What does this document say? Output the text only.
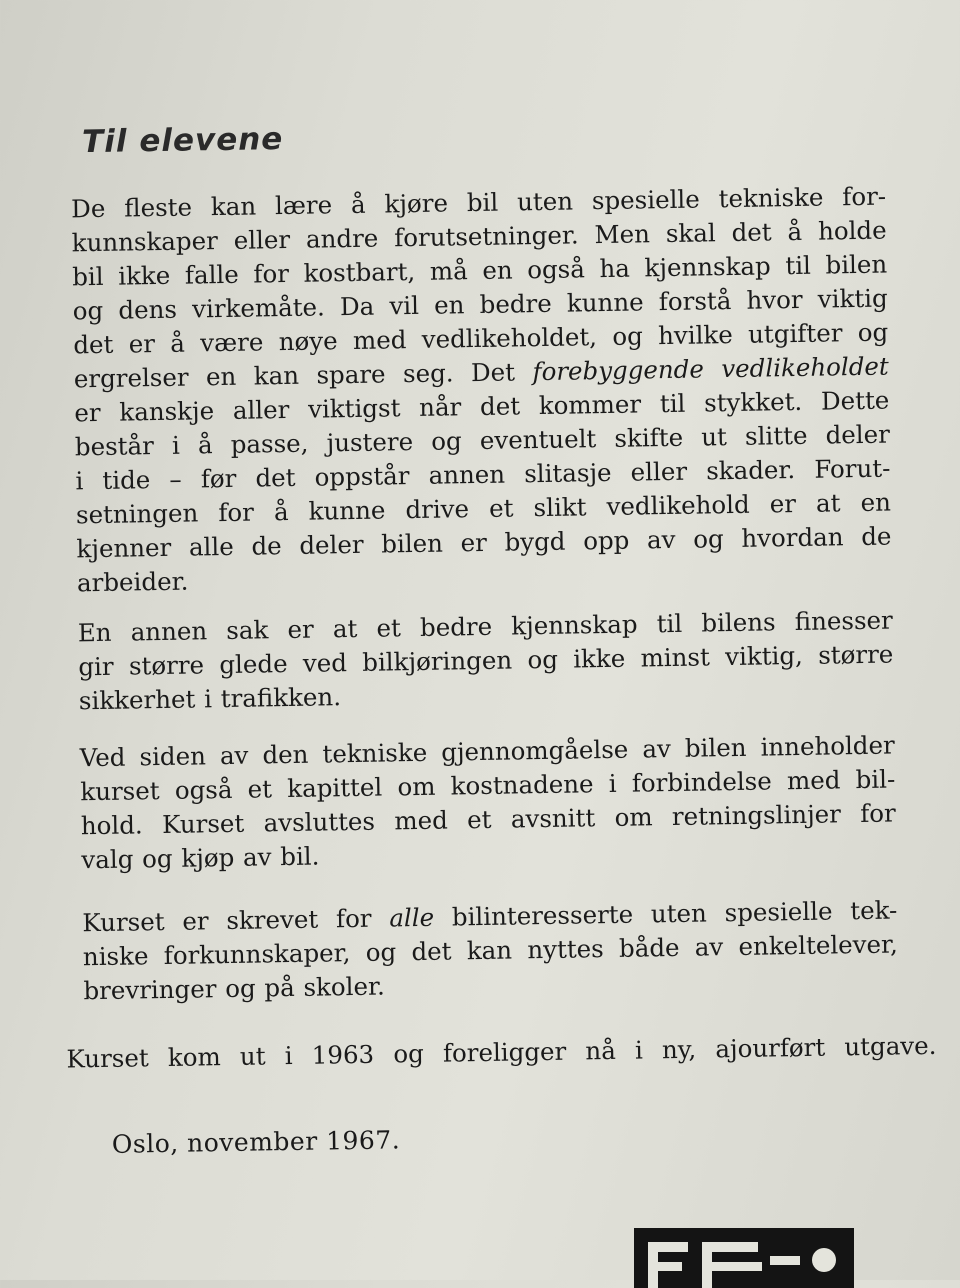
Til elevene

De fleste kan lære å kjøre bil uten spesielle tekniske for-
kunnskaper eller andre forutsetninger. Men skal det å holde
bil ikke falle for kostbart, må en også ha kjennskap til bilen
og dens virkemåte. Da vil en bedre kunne forstå hvor viktig
det er å være nøye med vedlikeholdet, og hvilke utgifter og
ergrelser en kan spare seg. Det forebyggende vedlikeholdet
er kanskje aller viktigst når det kommer til stykket. Dette
består i å passe, justere og eventuelt skifte ut slitte deler
i tide – før det oppstår annen slitasje eller skader. Forut-
setningen for å kunne drive et slikt vedlikehold er at en
kjenner alle de deler bilen er bygd opp av og hvordan de
arbeider.

En annen sak er at et bedre kjennskap til bilens finesser
gir større glede ved bilkjøringen og ikke minst viktig, større
sikkerhet i trafikken.

Ved siden av den tekniske gjennomgåelse av bilen inneholder
kurset også et kapittel om kostnadene i forbindelse med bil-
hold. Kurset avsluttes med et avsnitt om retningslinjer for
valg og kjøp av bil.

Kurset er skrevet for alle bilinteresserte uten spesielle tek-
niske forkunnskaper, og det kan nyttes både av enkeltelever,
brevringer og på skoler.

Kurset kom ut i 1963 og foreligger nå i ny, ajourført utgave.

Oslo, november 1967.
